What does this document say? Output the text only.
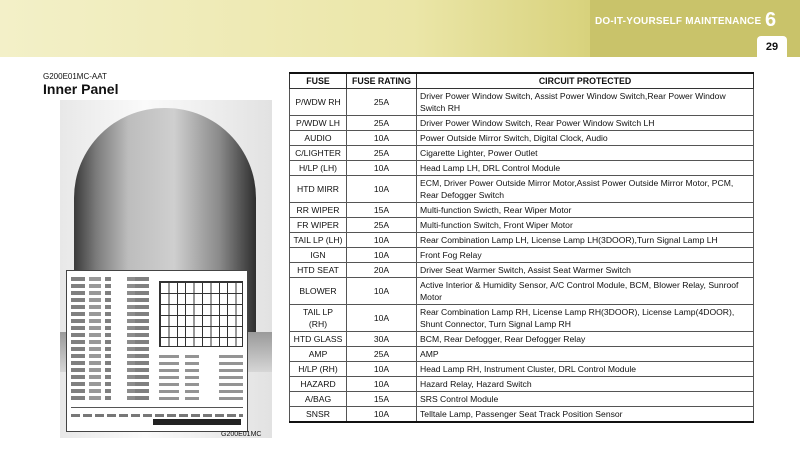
DO-IT-YOURSELF MAINTENANCE 6
29
G200E01MC-AAT
Inner Panel
G200E01MC
FUSE	FUSE RATING	CIRCUIT PROTECTED
P/WDW RH	25A	Driver Power Window Switch, Assist Power Window Switch,Rear Power Window Switch RH
P/WDW LH	25A	Driver Power Window Switch, Rear Power Window Switch LH
AUDIO	10A	Power Outside Mirror Switch, Digital Clock, Audio
C/LIGHTER	25A	Cigarette Lighter, Power Outlet
H/LP (LH)	10A	Head Lamp LH, DRL Control Module
HTD MIRR	10A	ECM, Driver Power Outside Mirror Motor,Assist Power Outside Mirror Motor, PCM, Rear Defogger Switch
RR WIPER	15A	Multi-function Swicth, Rear Wiper Motor
FR WIPER	25A	Multi-function Switch, Front Wiper Motor
TAIL LP (LH)	10A	Rear Combination Lamp LH, License Lamp LH(3DOOR),Turn Signal Lamp LH
IGN	10A	Front Fog Relay
HTD SEAT	20A	Driver Seat Warmer Switch, Assist Seat Warmer Switch
BLOWER	10A	Active Interior & Humidity Sensor, A/C Control Module, BCM, Blower Relay, Sunroof Motor
TAIL LP (RH)	10A	Rear Combination Lamp RH, License Lamp RH(3DOOR), License Lamp(4DOOR), Shunt Connector, Turn Signal Lamp RH
HTD GLASS	30A	BCM, Rear Defogger, Rear Defogger Relay
AMP	25A	AMP
H/LP (RH)	10A	Head Lamp RH, Instrument Cluster, DRL Control Module
HAZARD	10A	Hazard Relay, Hazard Switch
A/BAG	15A	SRS Control Module
SNSR	10A	Telltale Lamp, Passenger Seat Track Position Sensor
